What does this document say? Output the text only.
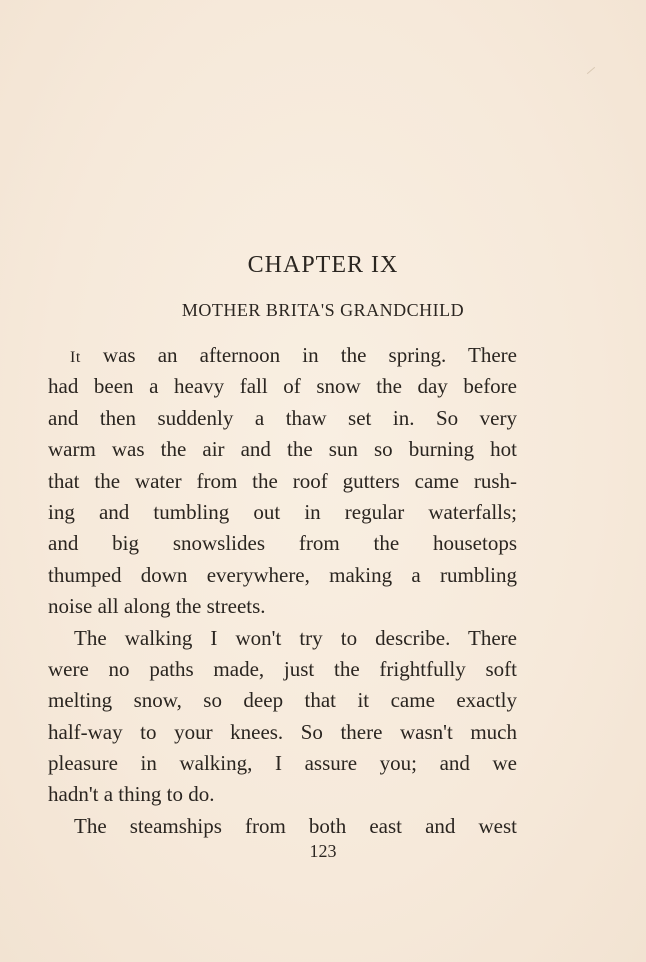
CHAPTER IX
MOTHER BRITA'S GRANDCHILD
It was an afternoon in the spring. There
had been a heavy fall of snow the day before
and then suddenly a thaw set in. So very
warm was the air and the sun so burning hot
that the water from the roof gutters came rush-
ing and tumbling out in regular waterfalls;
and big snowslides from the housetops
thumped down everywhere, making a rumbling
noise all along the streets.
The walking I won't try to describe. There
were no paths made, just the frightfully soft
melting snow, so deep that it came exactly
half-way to your knees. So there wasn't much
pleasure in walking, I assure you; and we
hadn't a thing to do.
The steamships from both east and west
123
